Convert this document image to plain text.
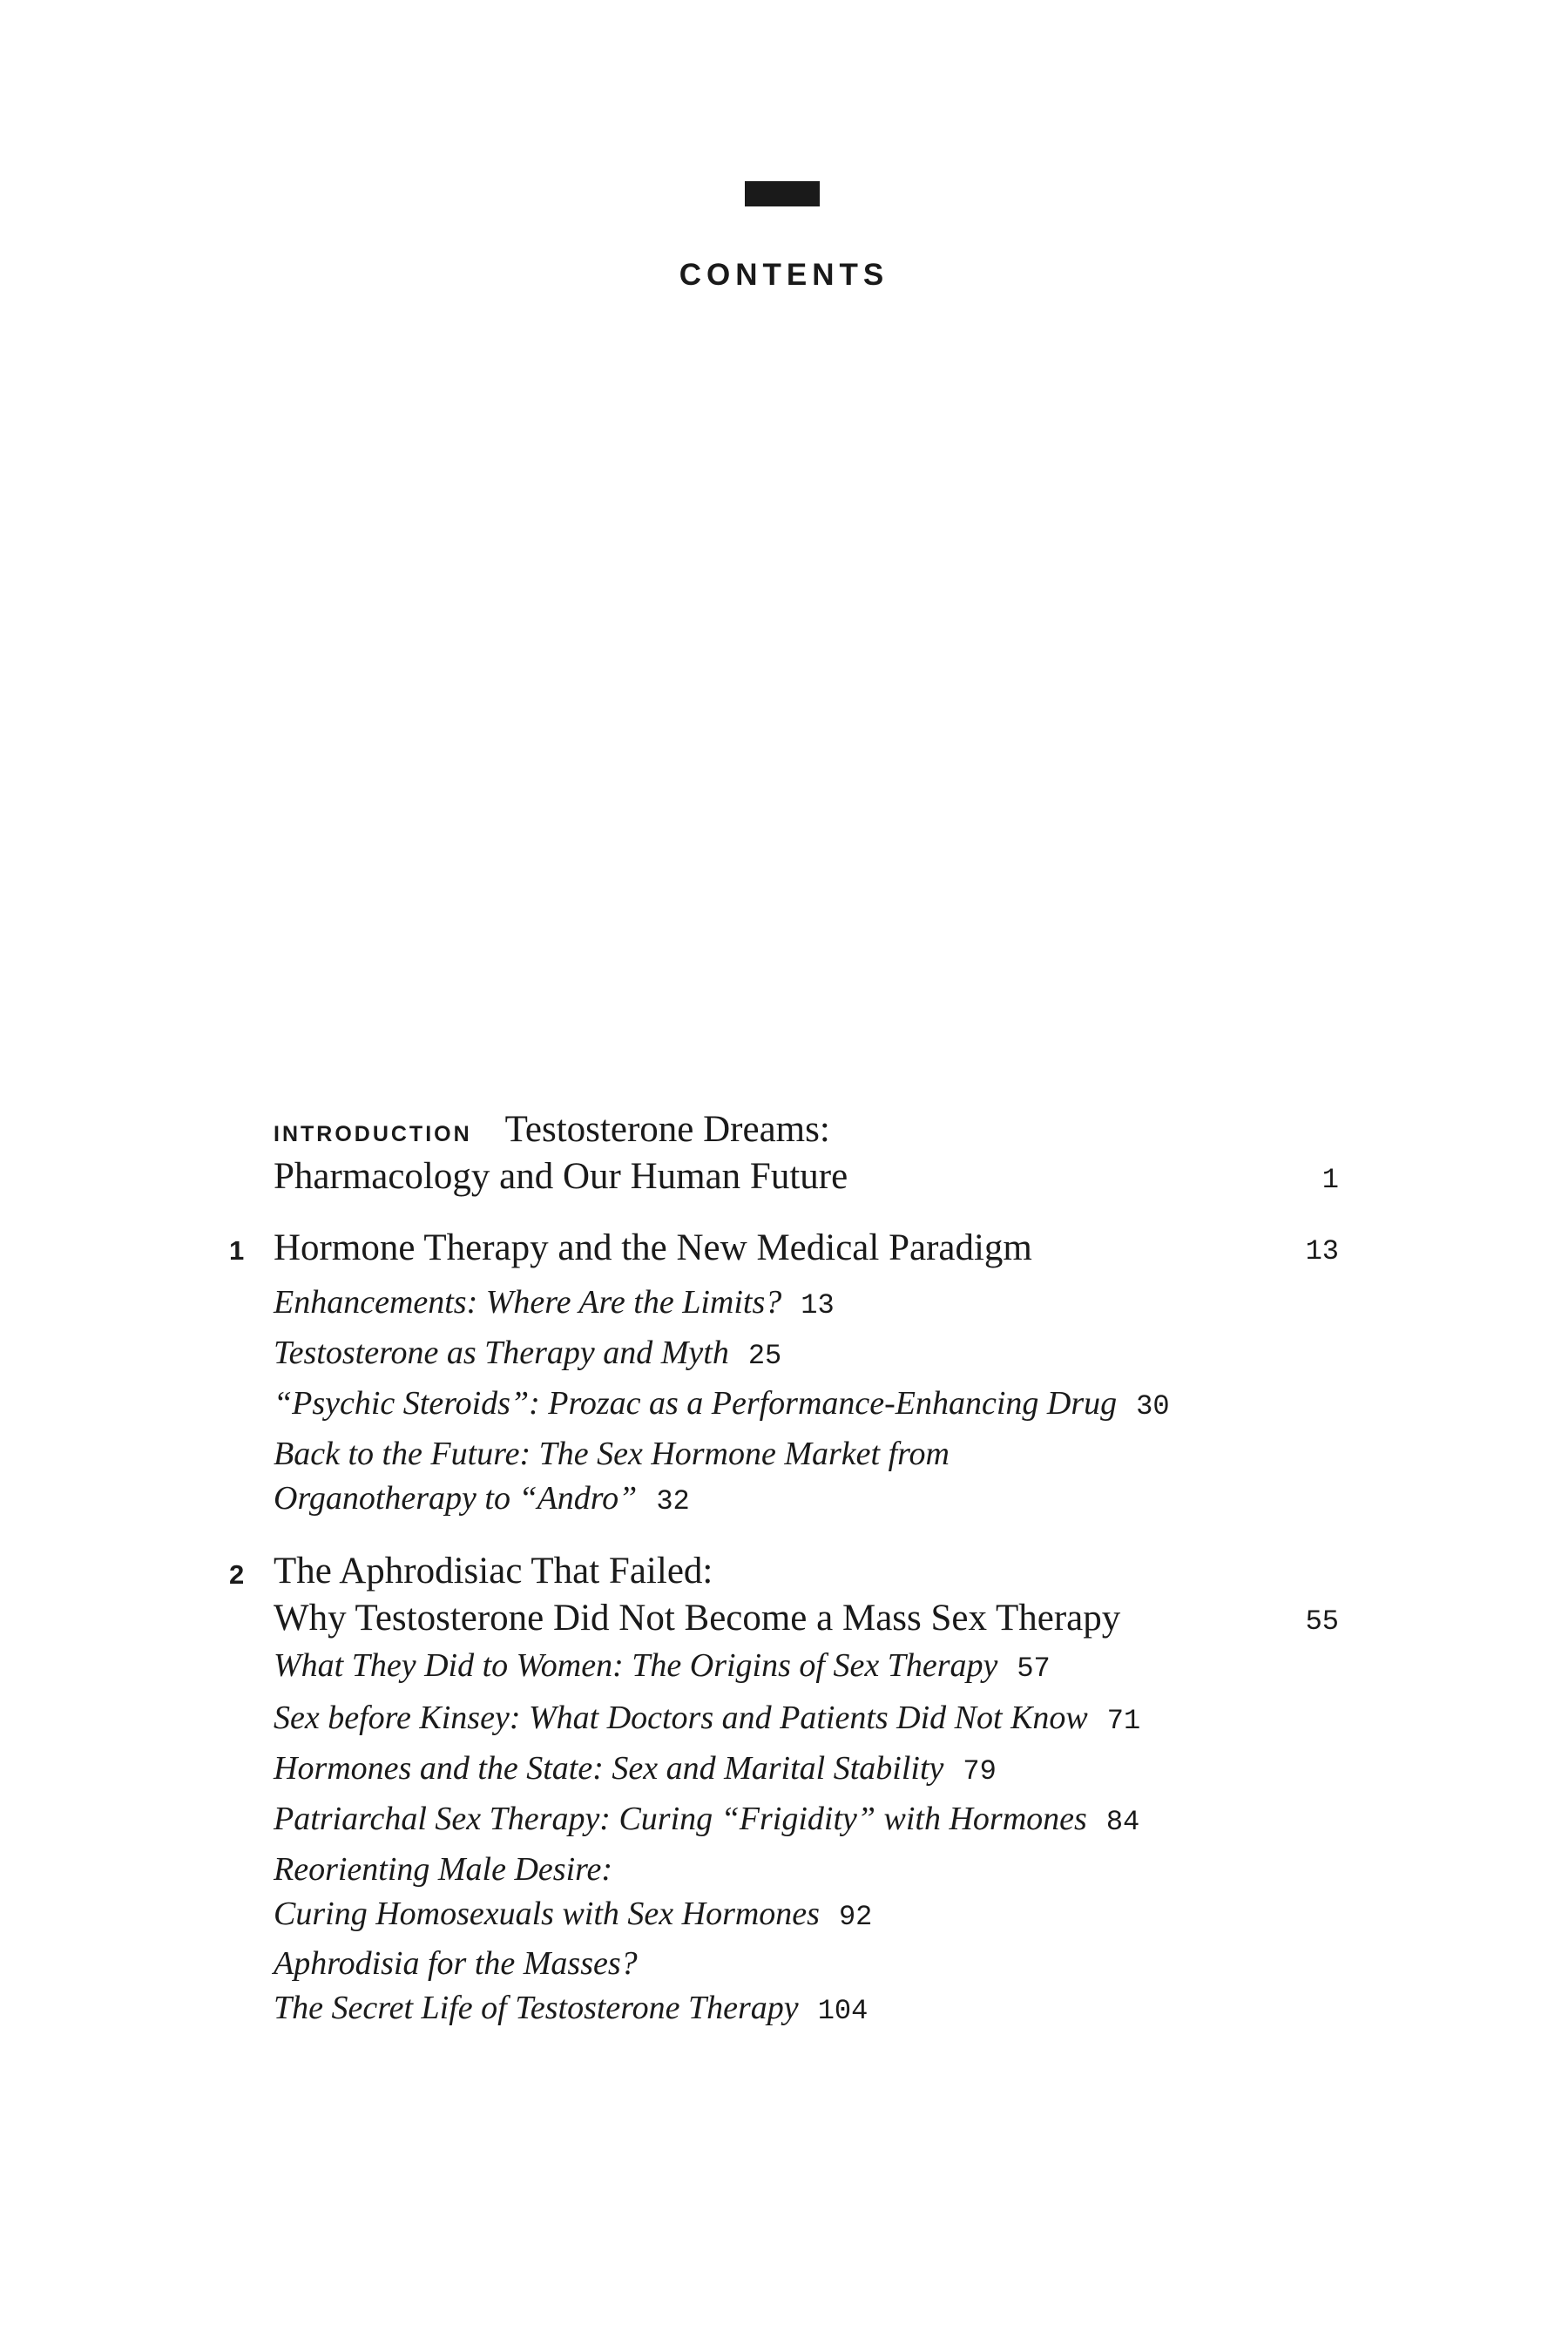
CONTENTS
INTRODUCTION Testosterone Dreams:
Pharmacology and Our Human Future	1
1 Hormone Therapy and the New Medical Paradigm	13
Enhancements: Where Are the Limits? 13
Testosterone as Therapy and Myth 25
“Psychic Steroids”: Prozac as a Performance-Enhancing Drug 30
Back to the Future: The Sex Hormone Market from
Organotherapy to “Andro” 32
2 The Aphrodisiac That Failed:
Why Testosterone Did Not Become a Mass Sex Therapy	55
What They Did to Women: The Origins of Sex Therapy 57
Sex before Kinsey: What Doctors and Patients Did Not Know 71
Hormones and the State: Sex and Marital Stability 79
Patriarchal Sex Therapy: Curing “Frigidity” with Hormones 84
Reorienting Male Desire:
Curing Homosexuals with Sex Hormones 92
Aphrodisia for the Masses?
The Secret Life of Testosterone Therapy 104
